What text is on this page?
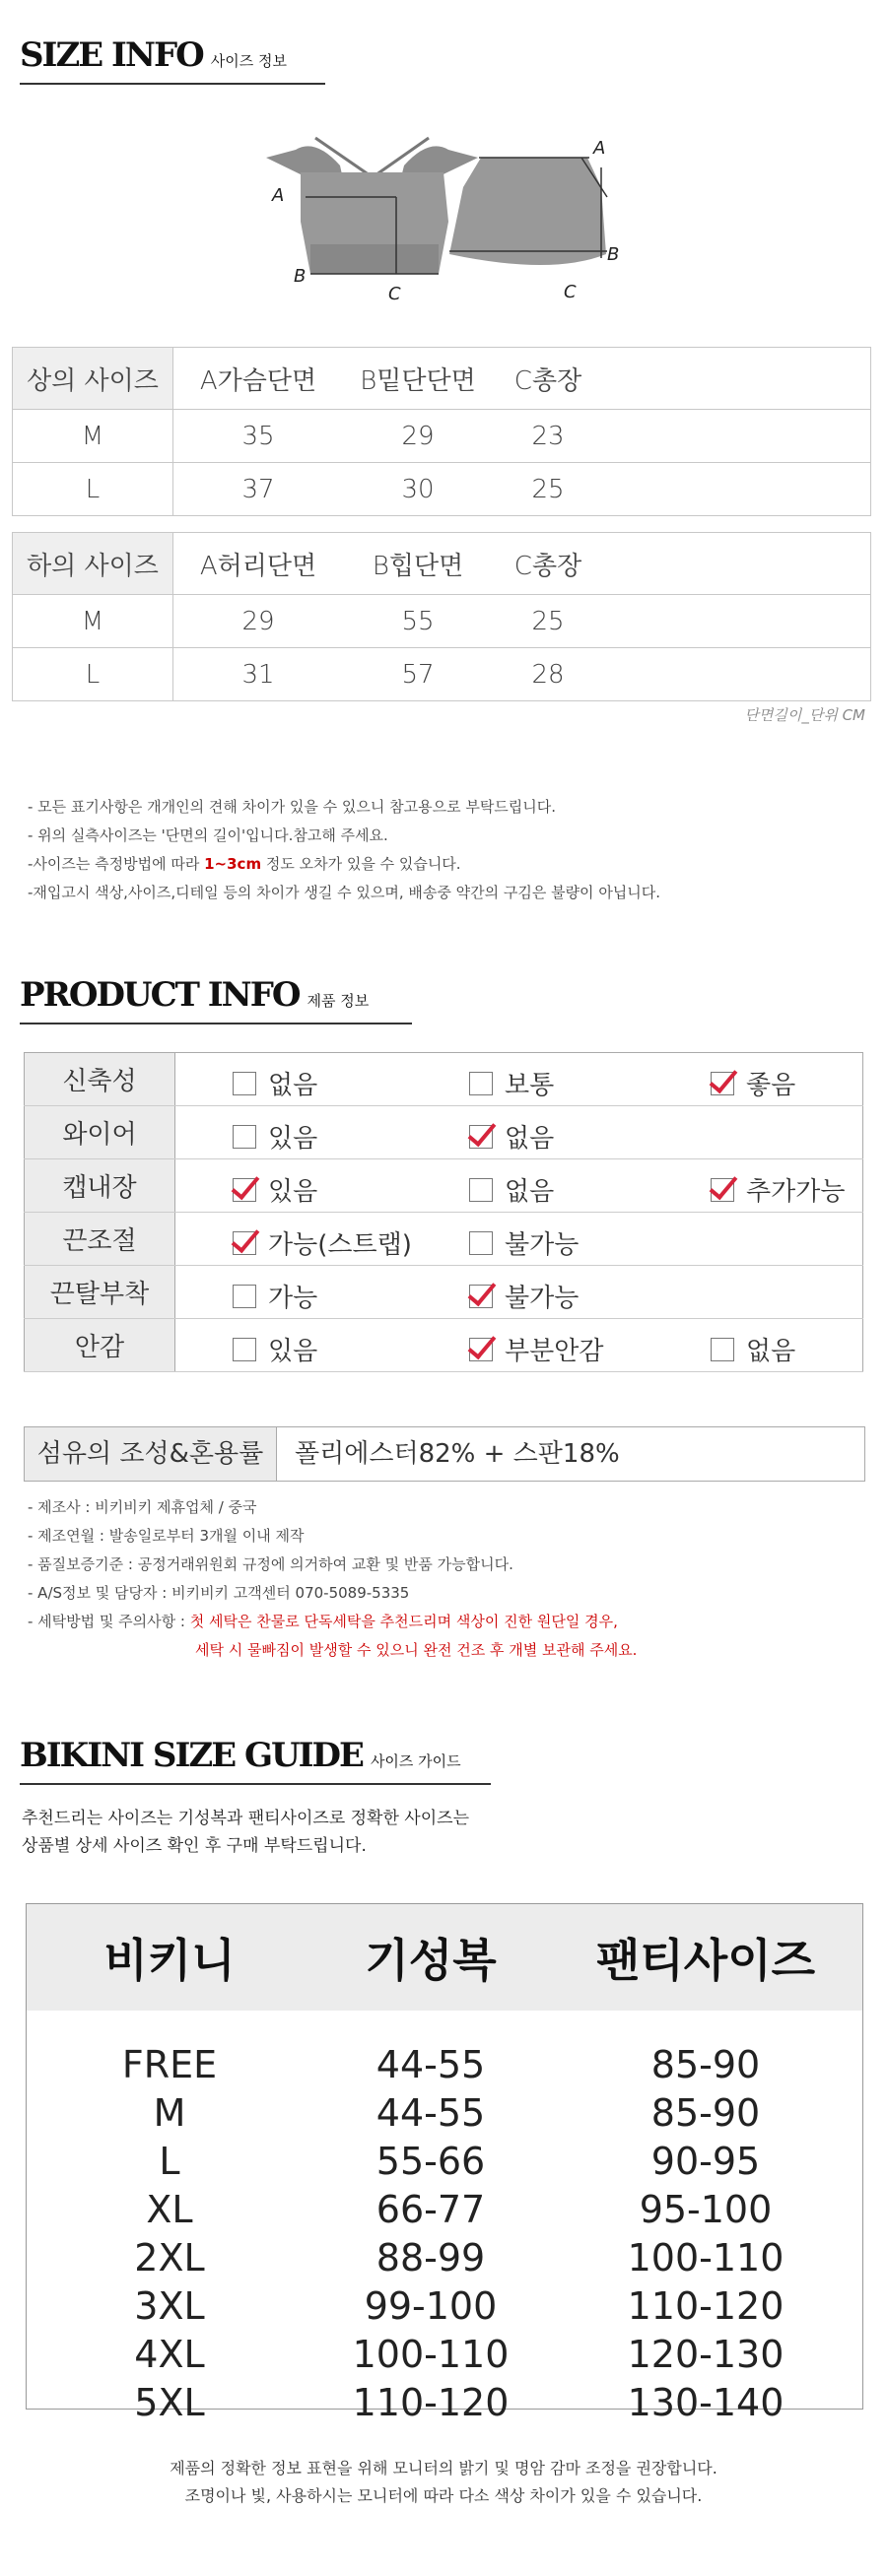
SIZE INFO 사이즈 정보
A
B
C
A
B
C
상의 사이즈	A가슴단면	B밑단단면	C총장	
M	35	29	23	
L	37	30	25	
하의 사이즈	A허리단면	B힙단면	C총장	
M	29	55	25	
L	31	57	28	
단면길이_단위 CM
- 모든 표기사항은 개개인의 견해 차이가 있을 수 있으니 참고용으로 부탁드립니다.
- 위의 실측사이즈는 '단면의 길이'입니다.참고해 주세요.
-사이즈는 측정방법에 따라 1~3cm 정도 오차가 있을 수 있습니다.
-재입고시 색상,사이즈,디테일 등의 차이가 생길 수 있으며, 배송중 약간의 구김은 불량이 아닙니다.
PRODUCT INFO 제품 정보
신축성	없음 보통 좋음

와이어	있음 없음

캡내장	있음 없음 추가가능

끈조절	가능(스트랩) 불가능

끈탈부착	가능 불가능

안감	있음 부분안감 없음
섬유의 조성&혼용률	폴리에스터82% + 스판18%
- 제조사 : 비키비키 제휴업체 / 중국
- 제조연월 : 발송일로부터 3개월 이내 제작
- 품질보증기준 : 공정거래위원회 규정에 의거하여 교환 및 반품 가능합니다.
- A/S정보 및 담당자 : 비키비키 고객센터 070-5089-5335
- 세탁방법 및 주의사항 : 첫 세탁은 찬물로 단독세탁을 추천드리며 색상이 진한 원단일 경우,
세탁 시 물빠짐이 발생할 수 있으니 완전 건조 후 개별 보관해 주세요.
BIKINI SIZE GUIDE 사이즈 가이드
추천드리는 사이즈는 기성복과 팬티사이즈로 정확한 사이즈는
상품별 상세 사이즈 확인 후 구매 부탁드립니다.
비키니	기성복	팬티사이즈
FREE	44-55	85-90
M	44-55	85-90
L	55-66	90-95
XL	66-77	95-100
2XL	88-99	100-110
3XL	99-100	110-120
4XL	100-110	120-130
5XL	110-120	130-140
제품의 정확한 정보 표현을 위해 모니터의 밝기 및 명암 감마 조정을 권장합니다.
조명이나 빛, 사용하시는 모니터에 따라 다소 색상 차이가 있을 수 있습니다.
